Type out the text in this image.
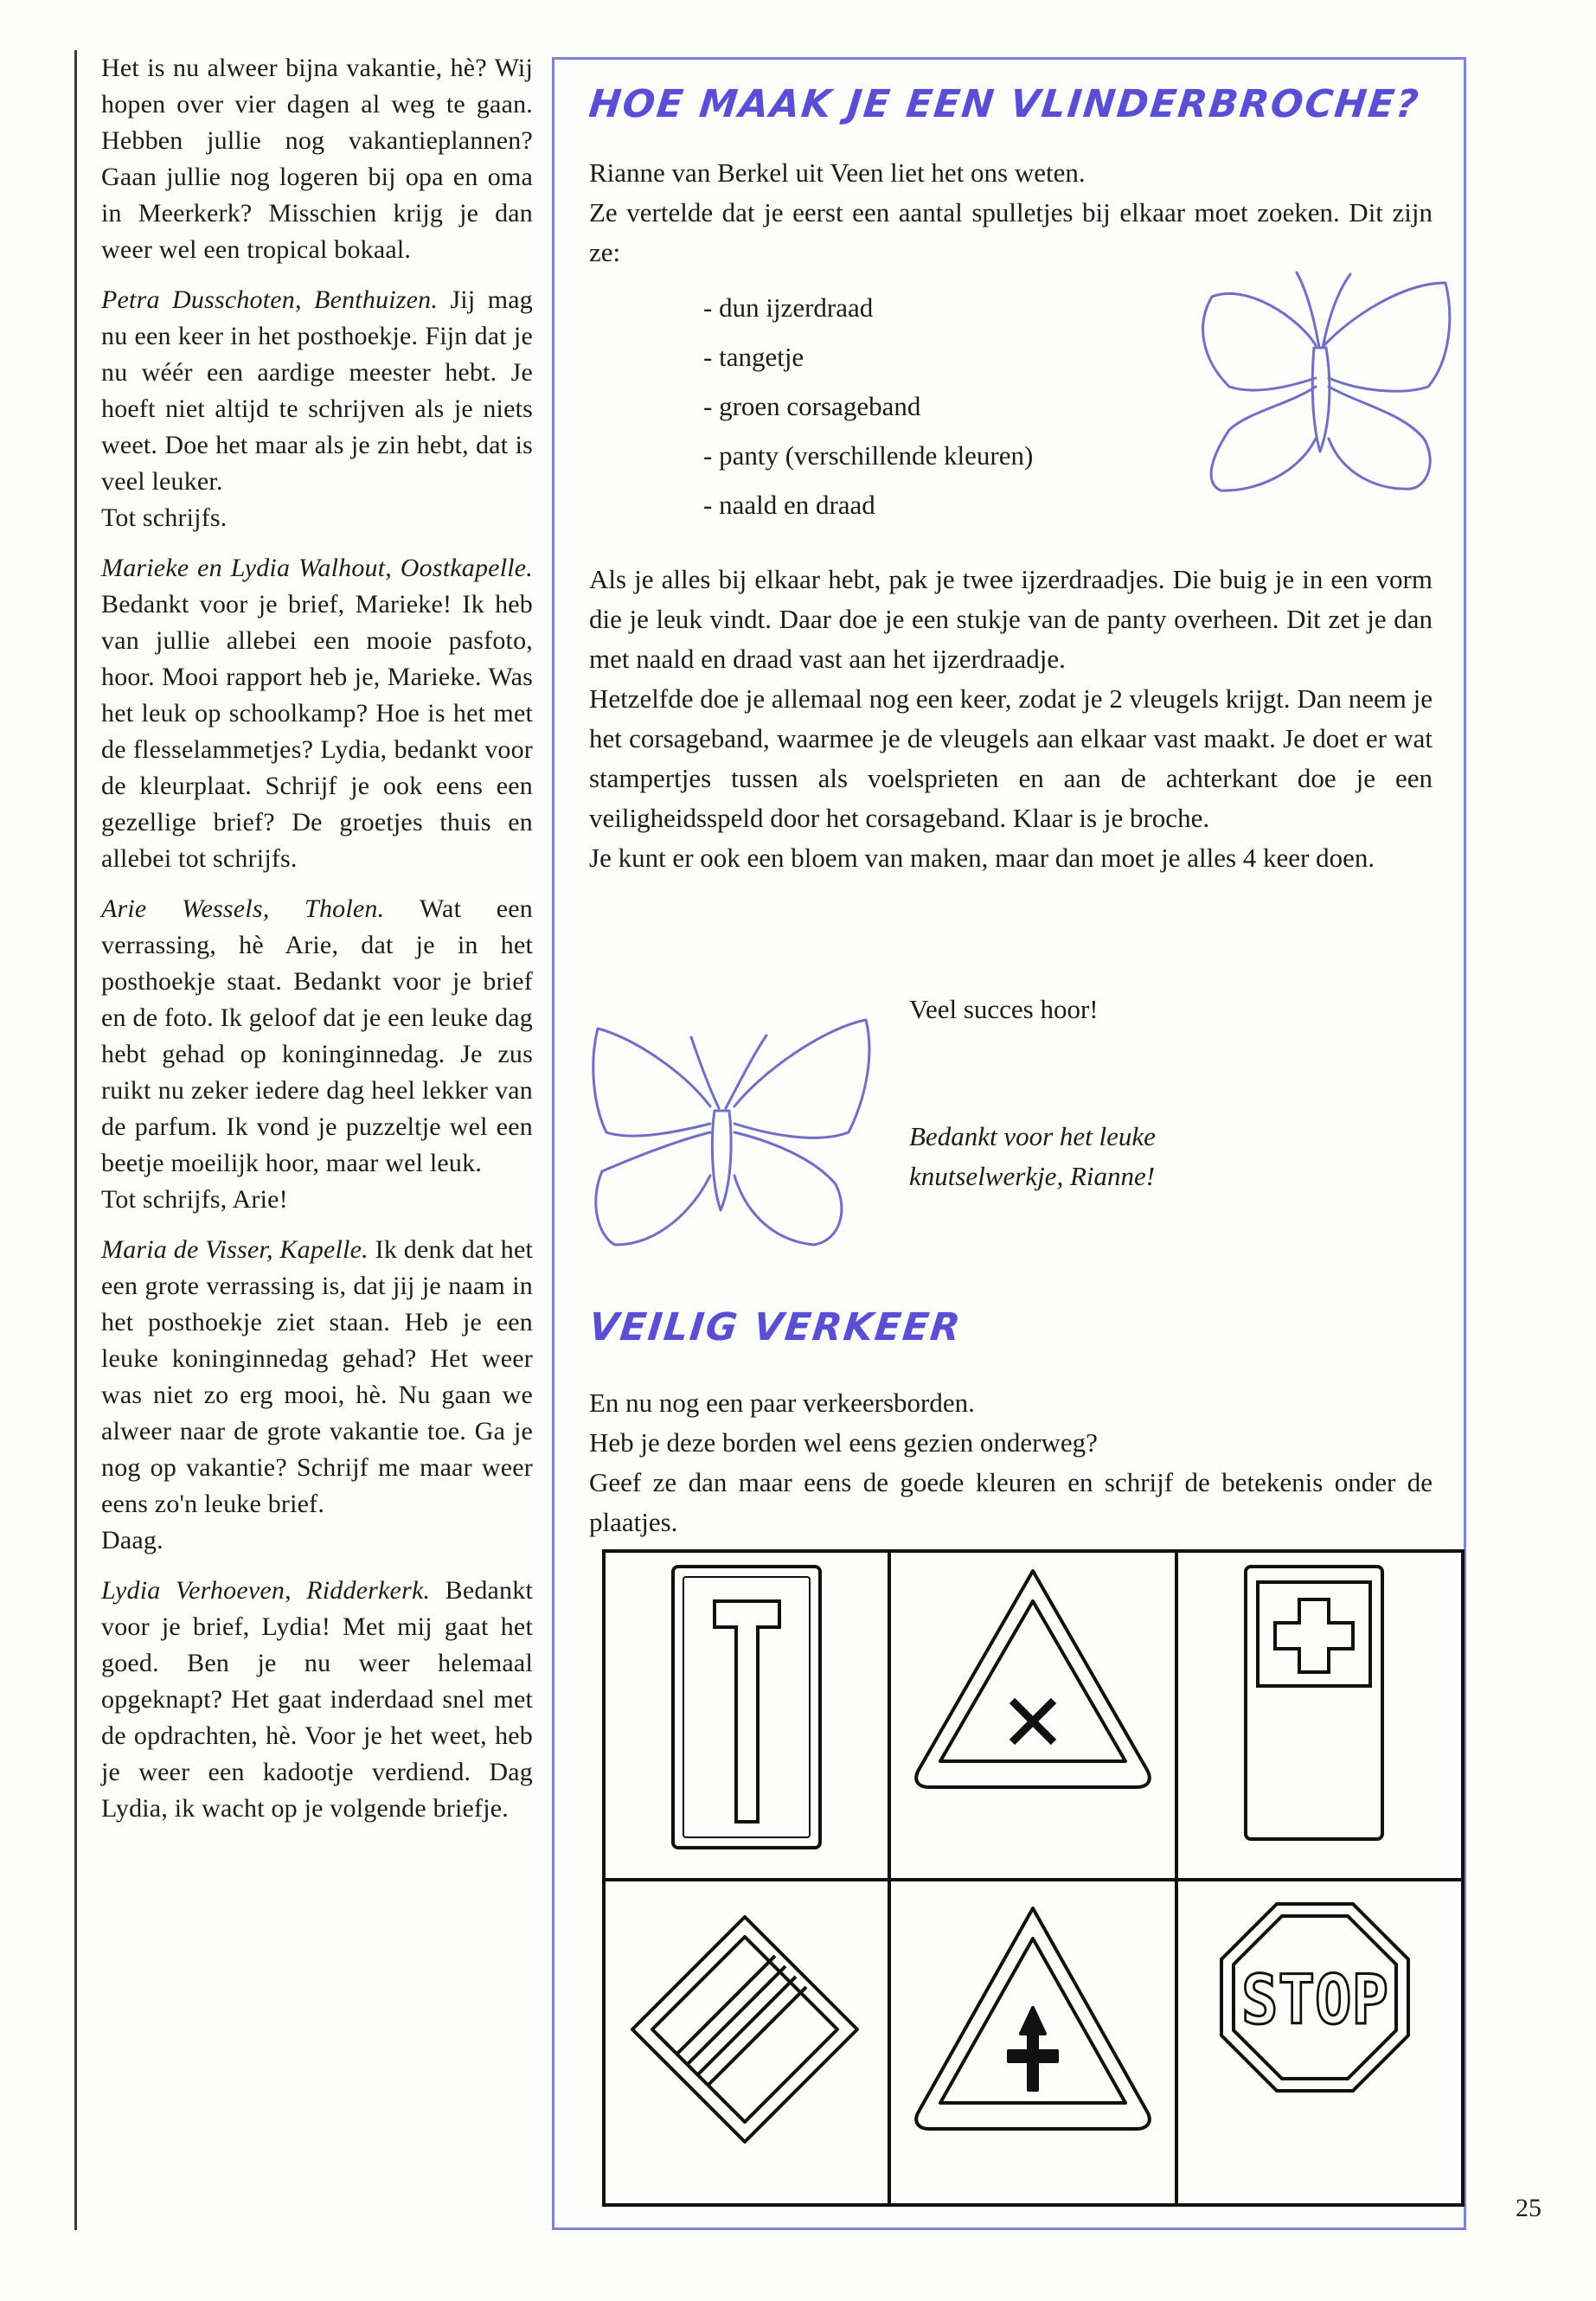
Het is nu alweer bijna vakantie, hè? Wij hopen over vier dagen al weg te gaan. Hebben jullie nog vakantieplannen? Gaan jullie nog logeren bij opa en oma in Meerkerk? Misschien krijg je dan weer wel een tropical bokaal.

Petra Dusschoten, Benthuizen. Jij mag nu een keer in het posthoekje. Fijn dat je nu wéér een aardige meester hebt. Je hoeft niet altijd te schrijven als je niets weet. Doe het maar als je zin hebt, dat is veel leuker.
Tot schrijfs.

Marieke en Lydia Walhout, Oostkapelle. Bedankt voor je brief, Marieke! Ik heb van jullie allebei een mooie pasfoto, hoor. Mooi rapport heb je, Marieke. Was het leuk op schoolkamp? Hoe is het met de flesselammetjes? Lydia, bedankt voor de kleurplaat. Schrijf je ook eens een gezellige brief? De groetjes thuis en allebei tot schrijfs.

Arie Wessels, Tholen. Wat een verrassing, hè Arie, dat je in het posthoekje staat. Bedankt voor je brief en de foto. Ik geloof dat je een leuke dag hebt gehad op koninginnedag. Je zus ruikt nu zeker iedere dag heel lekker van de parfum. Ik vond je puzzeltje wel een beetje moeilijk hoor, maar wel leuk.
Tot schrijfs, Arie!

Maria de Visser, Kapelle. Ik denk dat het een grote verrassing is, dat jij je naam in het posthoekje ziet staan. Heb je een leuke koninginnedag gehad? Het weer was niet zo erg mooi, hè. Nu gaan we alweer naar de grote vakantie toe. Ga je nog op vakantie? Schrijf me maar weer eens zo'n leuke brief.
Daag.

Lydia Verhoeven, Ridderkerk. Bedankt voor je brief, Lydia! Met mij gaat het goed. Ben je nu weer helemaal opgeknapt? Het gaat inderdaad snel met de opdrachten, hè. Voor je het weet, heb je weer een kadootje verdiend. Dag Lydia, ik wacht op je volgende briefje.

HOE MAAK JE EEN VLINDERBROCHE?
Rianne van Berkel uit Veen liet het ons weten.
Ze vertelde dat je eerst een aantal spulletjes bij elkaar moet zoeken. Dit zijn ze:
- dun ijzerdraad
- tangetje
- groen corsageband
- panty (verschillende kleuren)
- naald en draad
Als je alles bij elkaar hebt, pak je twee ijzerdraadjes. Die buig je in een vorm die je leuk vindt. Daar doe je een stukje van de panty overheen. Dit zet je dan met naald en draad vast aan het ijzerdraadje.
Hetzelfde doe je allemaal nog een keer, zodat je 2 vleugels krijgt. Dan neem je het corsageband, waarmee je de vleugels aan elkaar vast maakt. Je doet er wat stampertjes tussen als voelsprieten en aan de achterkant doe je een veiligheidsspeld door het corsageband. Klaar is je broche.
Je kunt er ook een bloem van maken, maar dan moet je alles 4 keer doen.
Veel succes hoor!
Bedankt voor het leuke knutselwerkje, Rianne!
VEILIG VERKEER
En nu nog een paar verkeersborden.
Heb je deze borden wel eens gezien onderweg?
Geef ze dan maar eens de goede kleuren en schrijf de betekenis onder de plaatjes.
STOP
25
